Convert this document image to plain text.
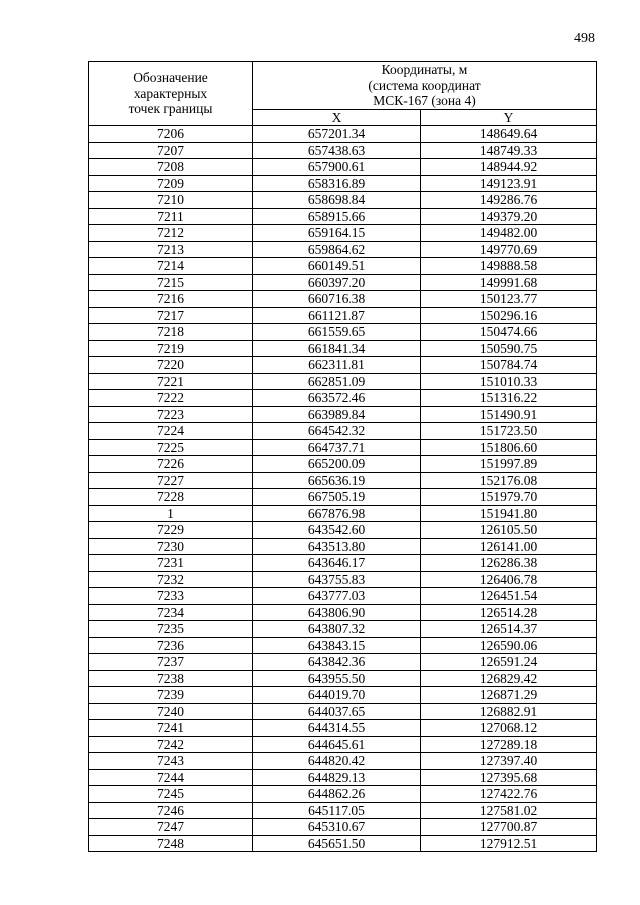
498
Обозначение
характерных
точек границы	Координаты, м
(система координат
МСК-167 (зона 4)	

	X	Y
7206	657201.34	148649.64
7207	657438.63	148749.33
7208	657900.61	148944.92
7209	658316.89	149123.91
7210	658698.84	149286.76
7211	658915.66	149379.20
7212	659164.15	149482.00
7213	659864.62	149770.69
7214	660149.51	149888.58
7215	660397.20	149991.68
7216	660716.38	150123.77
7217	661121.87	150296.16
7218	661559.65	150474.66
7219	661841.34	150590.75
7220	662311.81	150784.74
7221	662851.09	151010.33
7222	663572.46	151316.22
7223	663989.84	151490.91
7224	664542.32	151723.50
7225	664737.71	151806.60
7226	665200.09	151997.89
7227	665636.19	152176.08
7228	667505.19	151979.70
1	667876.98	151941.80
7229	643542.60	126105.50
7230	643513.80	126141.00
7231	643646.17	126286.38
7232	643755.83	126406.78
7233	643777.03	126451.54
7234	643806.90	126514.28
7235	643807.32	126514.37
7236	643843.15	126590.06
7237	643842.36	126591.24
7238	643955.50	126829.42
7239	644019.70	126871.29
7240	644037.65	126882.91
7241	644314.55	127068.12
7242	644645.61	127289.18
7243	644820.42	127397.40
7244	644829.13	127395.68
7245	644862.26	127422.76
7246	645117.05	127581.02
7247	645310.67	127700.87
7248	645651.50	127912.51
